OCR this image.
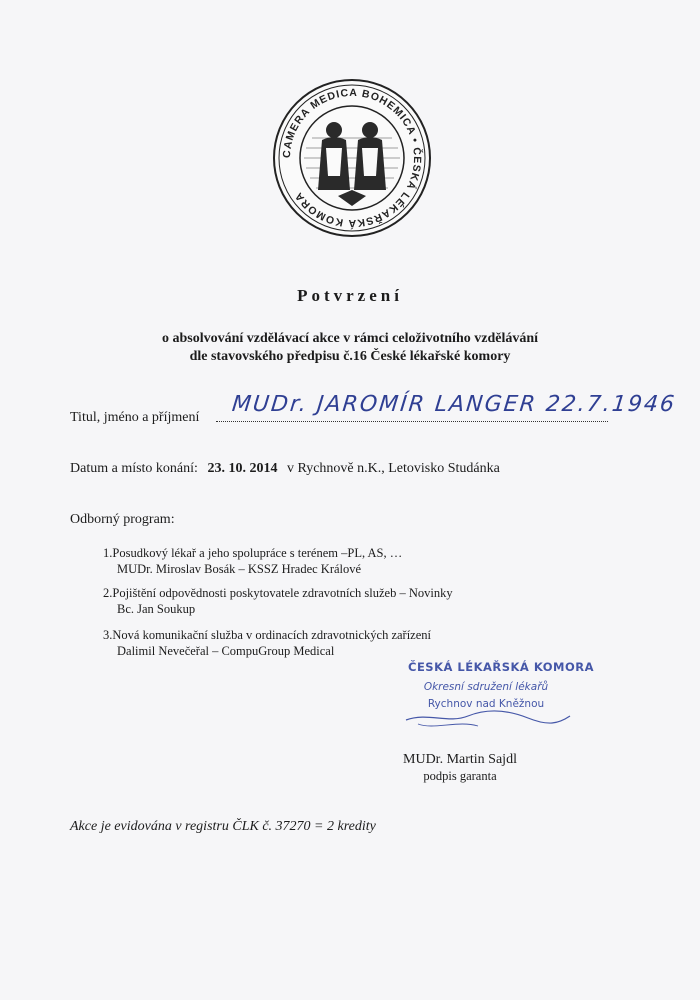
CAMERA MEDICA BOHEMICA • ČESKÁ LÉKAŘSKÁ KOMORA
Potvrzení
o absolvování vzdělávací akce v rámci celoživotního vzdělávání
dle stavovského předpisu č.16 České lékařské komory
Titul, jméno a příjmení
MUDr. JAROMÍR LANGER 22.7.1946
Datum a místo konání: 23. 10. 2014 v Rychnově n.K., Letovisko Studánka
Odborný program:
1.Posudkový lékař a jeho spolupráce s terénem –PL, AS, …
MUDr. Miroslav Bosák – KSSZ Hradec Králové
2.Pojištění odpovědnosti poskytovatele zdravotních služeb – Novinky
Bc. Jan Soukup
3.Nová komunikační služba v ordinacích zdravotnických zařízení
Dalimil Nevečeřal – CompuGroup Medical
ČESKÁ LÉKAŘSKÁ KOMORA
Okresní sdružení lékařů
Rychnov nad Kněžnou
MUDr. Martin Sajdl
podpis garanta
Akce je evidována v registru ČLK č. 37270 = 2 kredity
